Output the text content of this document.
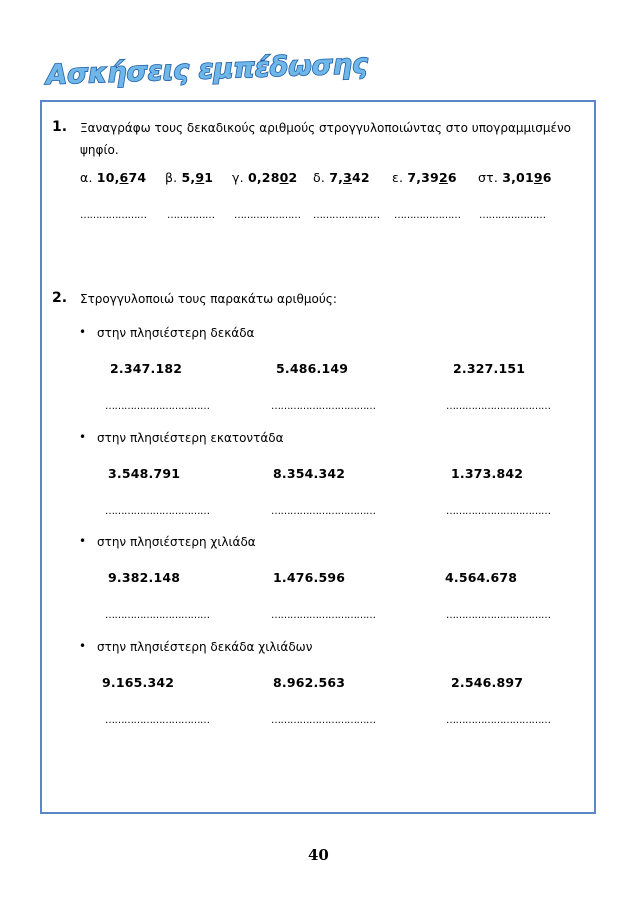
Ασκήσεις εμπέδωσης
1. Ξαναγράφω τους δεκαδικούς αριθμούς στρογγυλοποιώντας στο υπογραμμισμένο
ψηφίο.
α. 10,674 β. 5,91 γ. 0,2802 δ. 7,342 ε. 7,3926 στ. 3,0196
………………… …………… ………………… ………………… ………………… …………………
2. Στρογγυλοποιώ τους παρακάτω αριθμούς:
• στην πλησιέστερη δεκάδα
2.347.182
……………………………
5.486.149
……………………………
2.327.151
……………………………
• στην πλησιέστερη εκατοντάδα
3.548.791
……………………………
8.354.342
……………………………
1.373.842
……………………………
• στην πλησιέστερη χιλιάδα
9.382.148
……………………………
1.476.596
……………………………
4.564.678
……………………………
• στην πλησιέστερη δεκάδα χιλιάδων
9.165.342
……………………………
8.962.563
……………………………
2.546.897
……………………………
40
